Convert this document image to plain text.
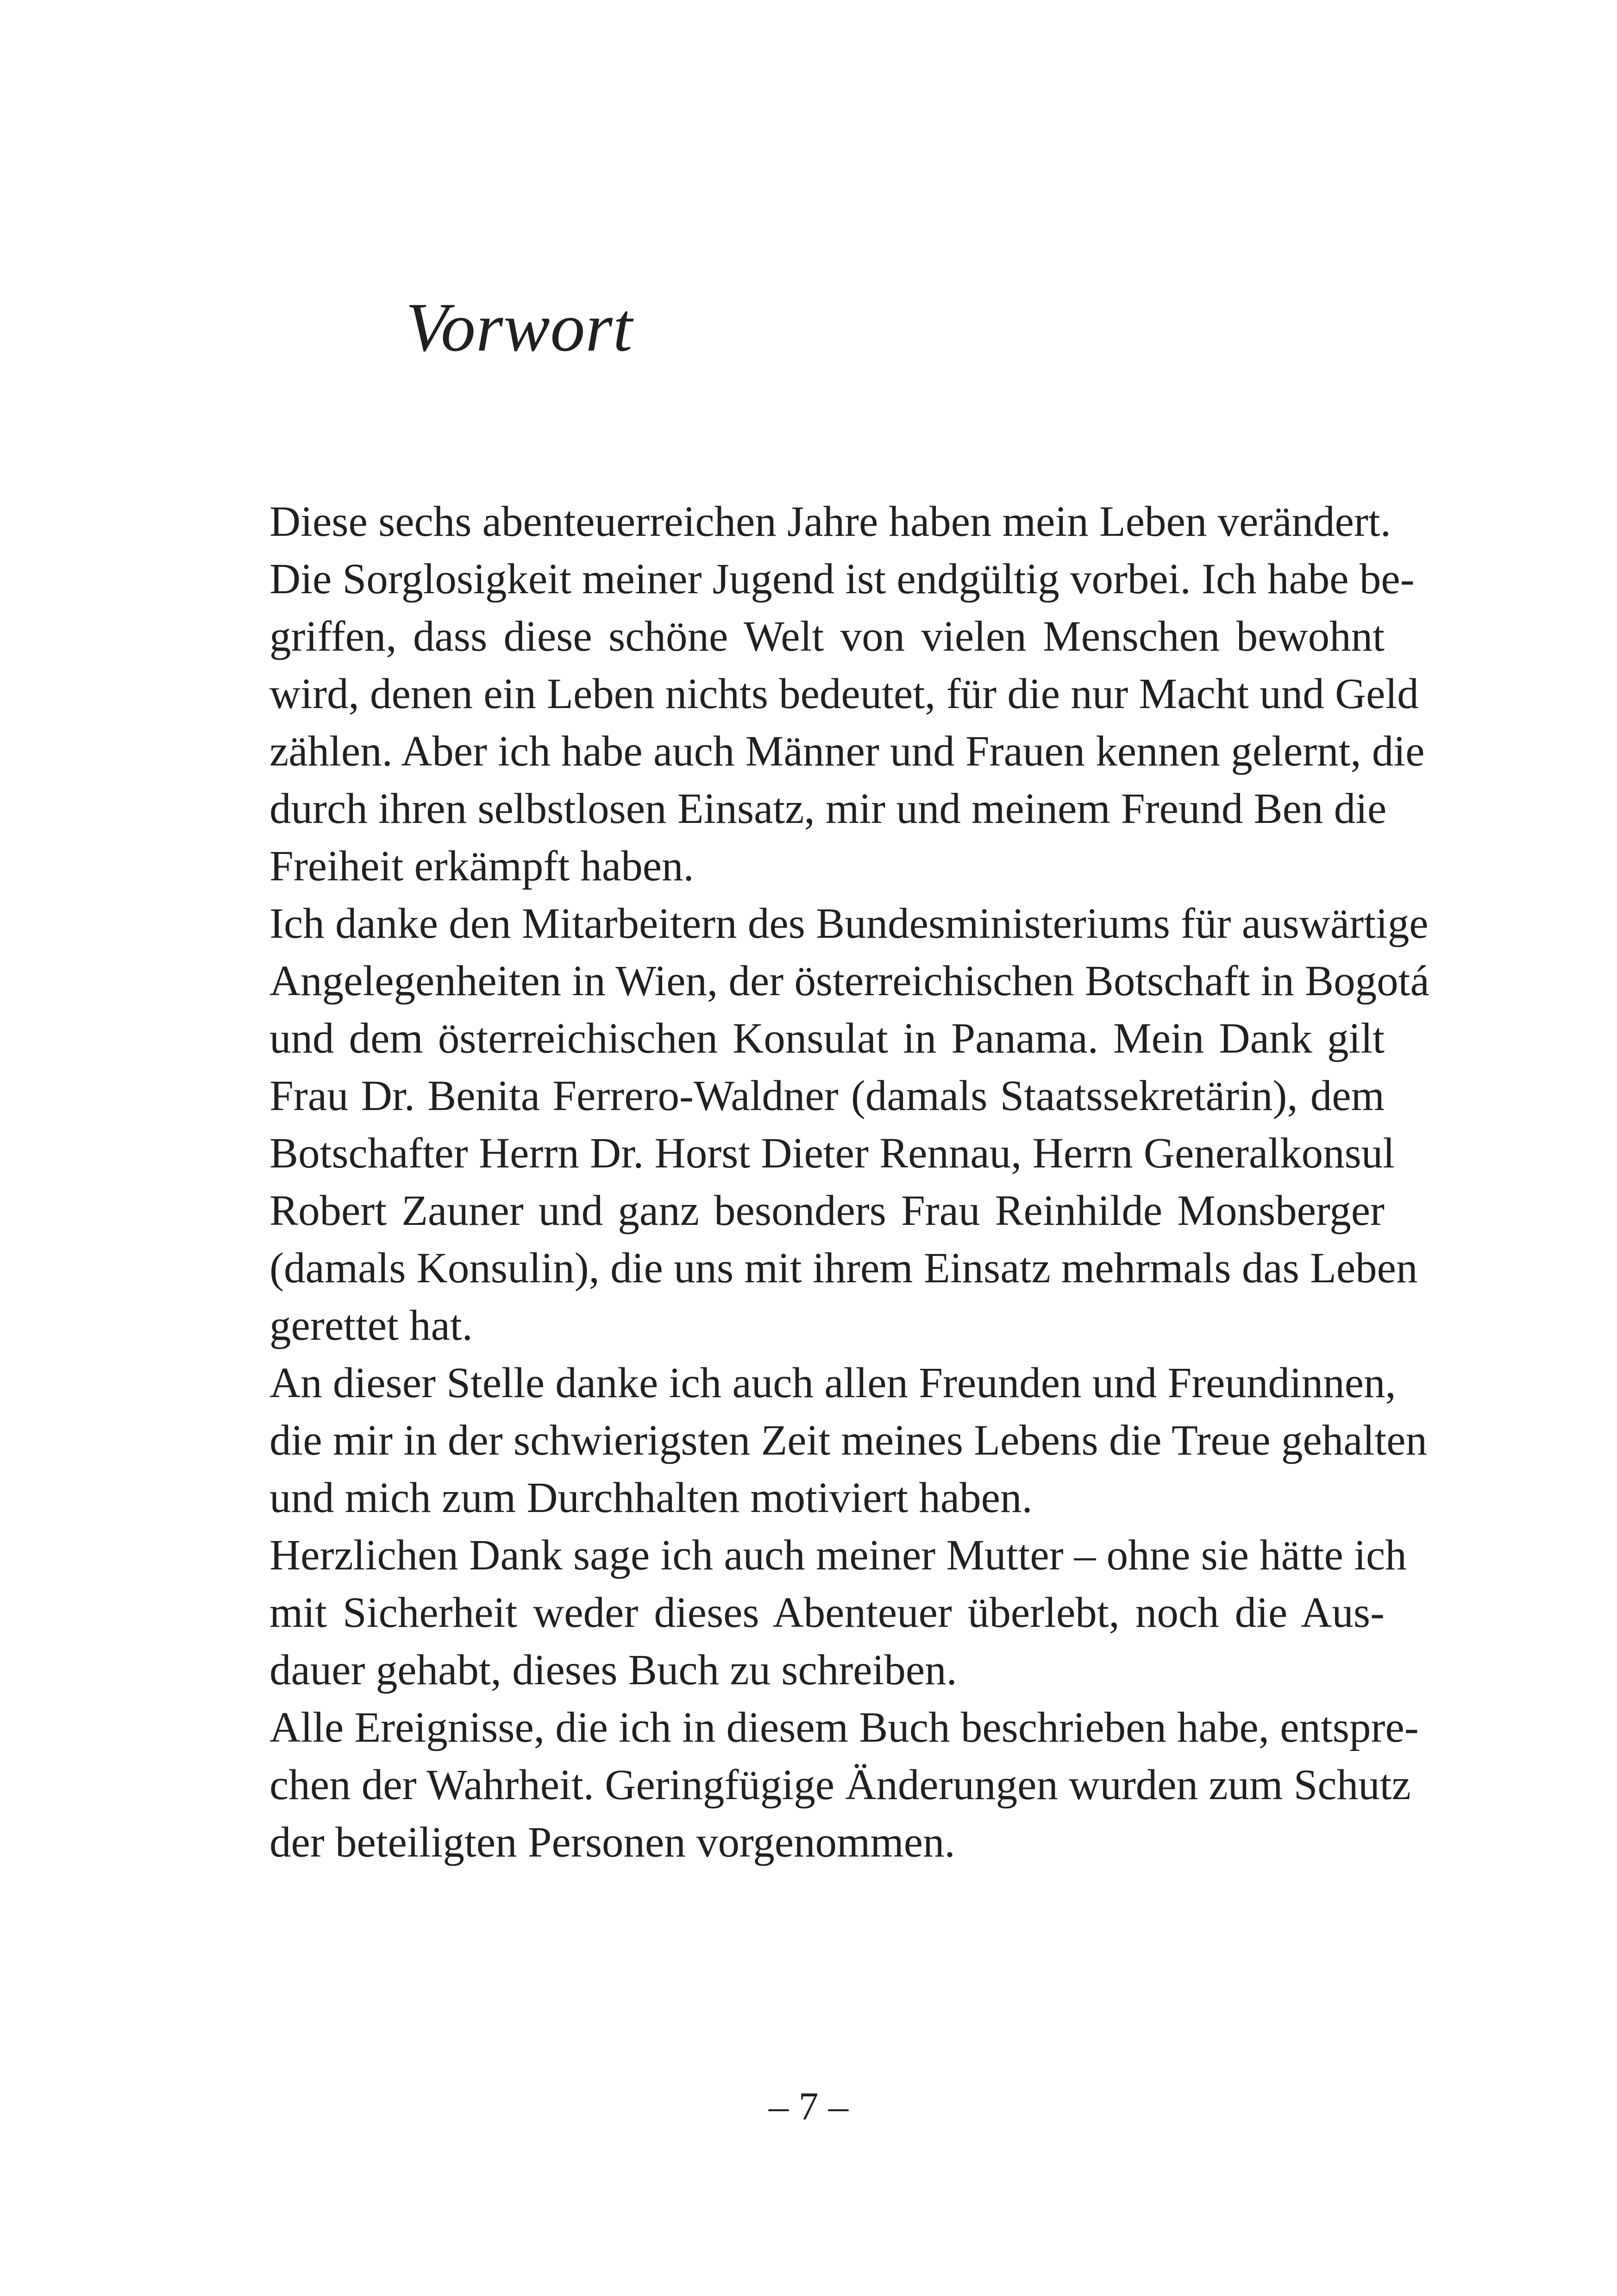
Vorwort
Diese sechs abenteuerreichen Jahre haben mein Leben verändert.
Die Sorglosigkeit meiner Jugend ist endgültig vorbei. Ich habe be-
griffen, dass diese schöne Welt von vielen Menschen bewohnt
wird, denen ein Leben nichts bedeutet, für die nur Macht und Geld
zählen. Aber ich habe auch Männer und Frauen kennen gelernt, die
durch ihren selbstlosen Einsatz, mir und meinem Freund Ben die
Freiheit erkämpft haben.
Ich danke den Mitarbeitern des Bundesministeriums für auswärtige
Angelegenheiten in Wien, der österreichischen Botschaft in Bogotá
und dem österreichischen Konsulat in Panama. Mein Dank gilt
Frau Dr. Benita Ferrero-Waldner (damals Staatssekretärin), dem
Botschafter Herrn Dr. Horst Dieter Rennau, Herrn Generalkonsul
Robert Zauner und ganz besonders Frau Reinhilde Monsberger
(damals Konsulin), die uns mit ihrem Einsatz mehrmals das Leben
gerettet hat.
An dieser Stelle danke ich auch allen Freunden und Freundinnen,
die mir in der schwierigsten Zeit meines Lebens die Treue gehalten
und mich zum Durchhalten motiviert haben.
Herzlichen Dank sage ich auch meiner Mutter – ohne sie hätte ich
mit Sicherheit weder dieses Abenteuer überlebt, noch die Aus-
dauer gehabt, dieses Buch zu schreiben.
Alle Ereignisse, die ich in diesem Buch beschrieben habe, entspre-
chen der Wahrheit. Geringfügige Änderungen wurden zum Schutz
der beteiligten Personen vorgenommen.

– 7 –
